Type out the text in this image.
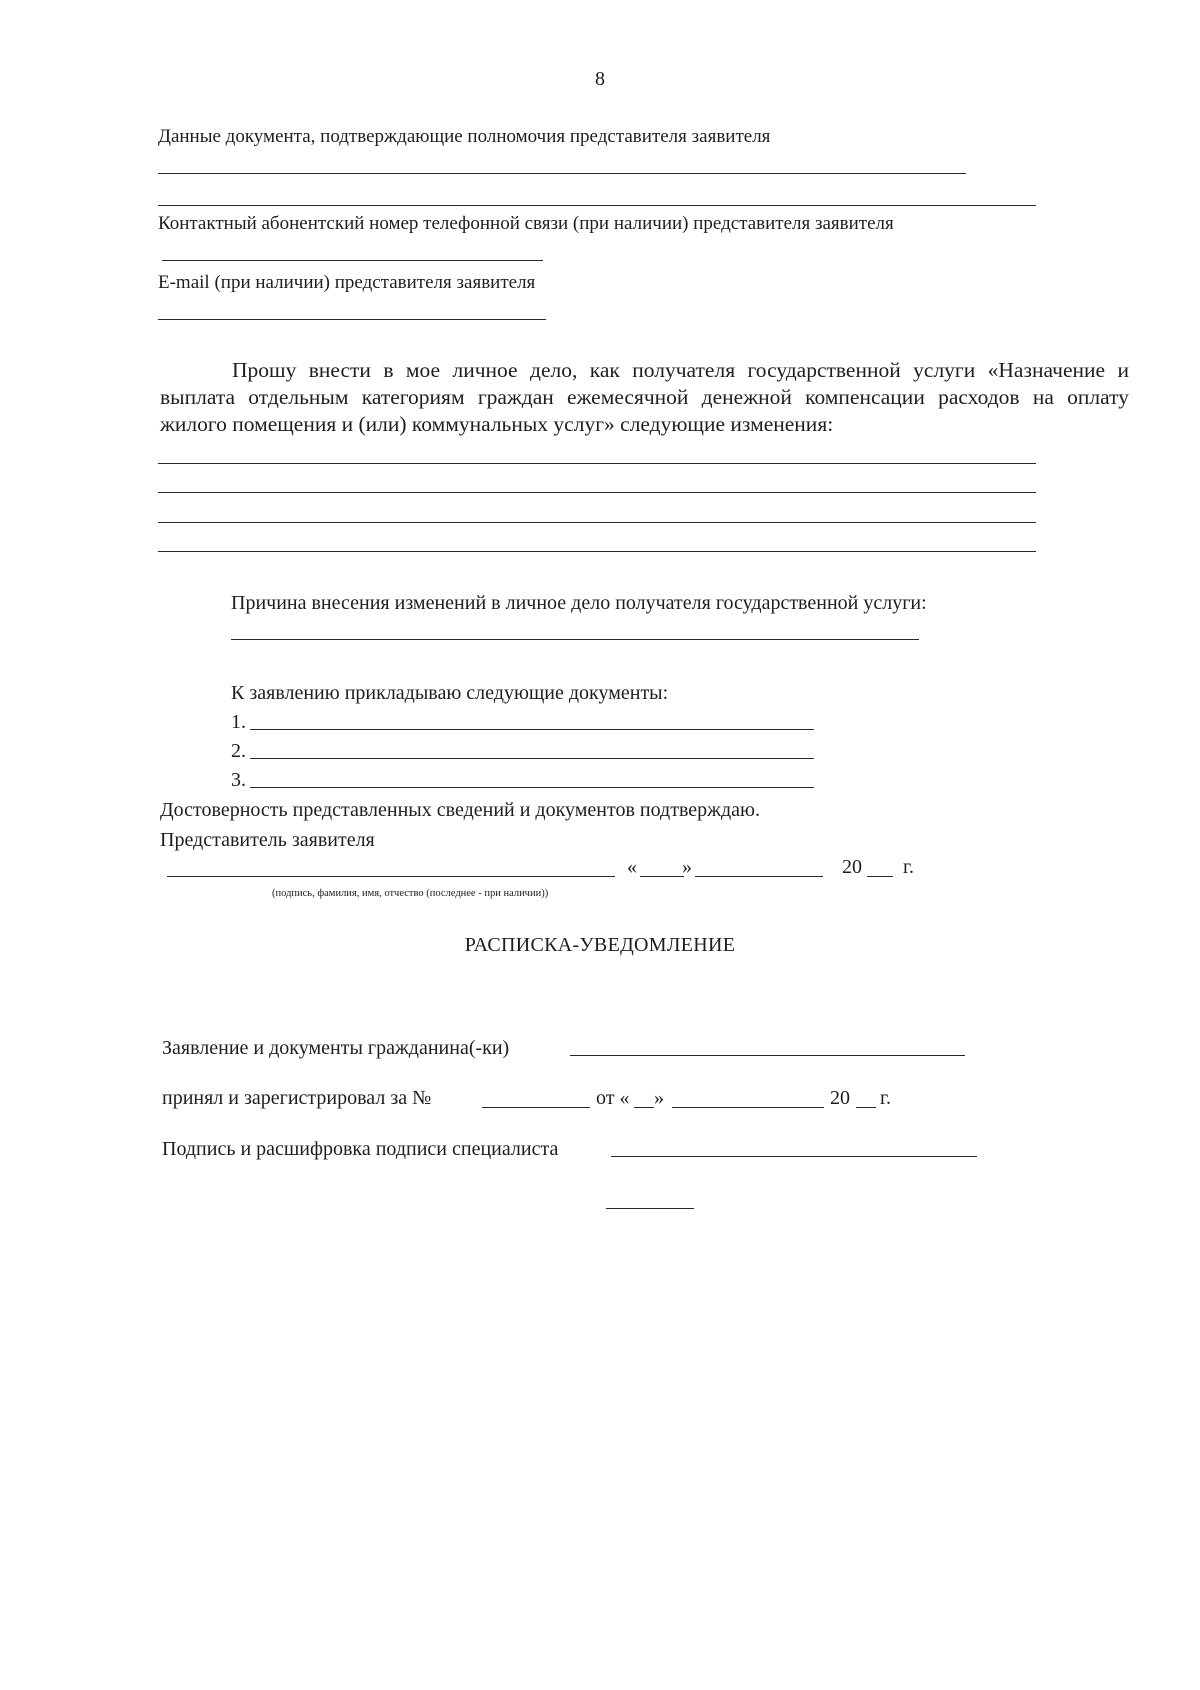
8
Данные документа, подтверждающие полномочия представителя заявителя
Контактный абонентский номер телефонной связи (при наличии) представителя заявителя
E-mail (при наличии) представителя заявителя
Прошу внести в мое личное дело, как получателя государственной услуги «Назначение и выплата отдельным категориям граждан ежемесячной денежной компенсации расходов на оплату жилого помещения и (или) коммунальных услуг» следующие изменения:
Причина внесения изменений в личное дело получателя государственной услуги:
К заявлению прикладываю следующие документы:
1.
2.
3.
Достоверность представленных сведений и документов подтверждаю.
Представитель заявителя
« »	20 г.
(подпись, фамилия, имя, отчество (последнее - при наличии))
РАСПИСКА-УВЕДОМЛЕНИЕ
Заявление и документы гражданина(-ки)
принял и зарегистрировал за №	от « »	20 г.
Подпись и расшифровка подписи специалиста
